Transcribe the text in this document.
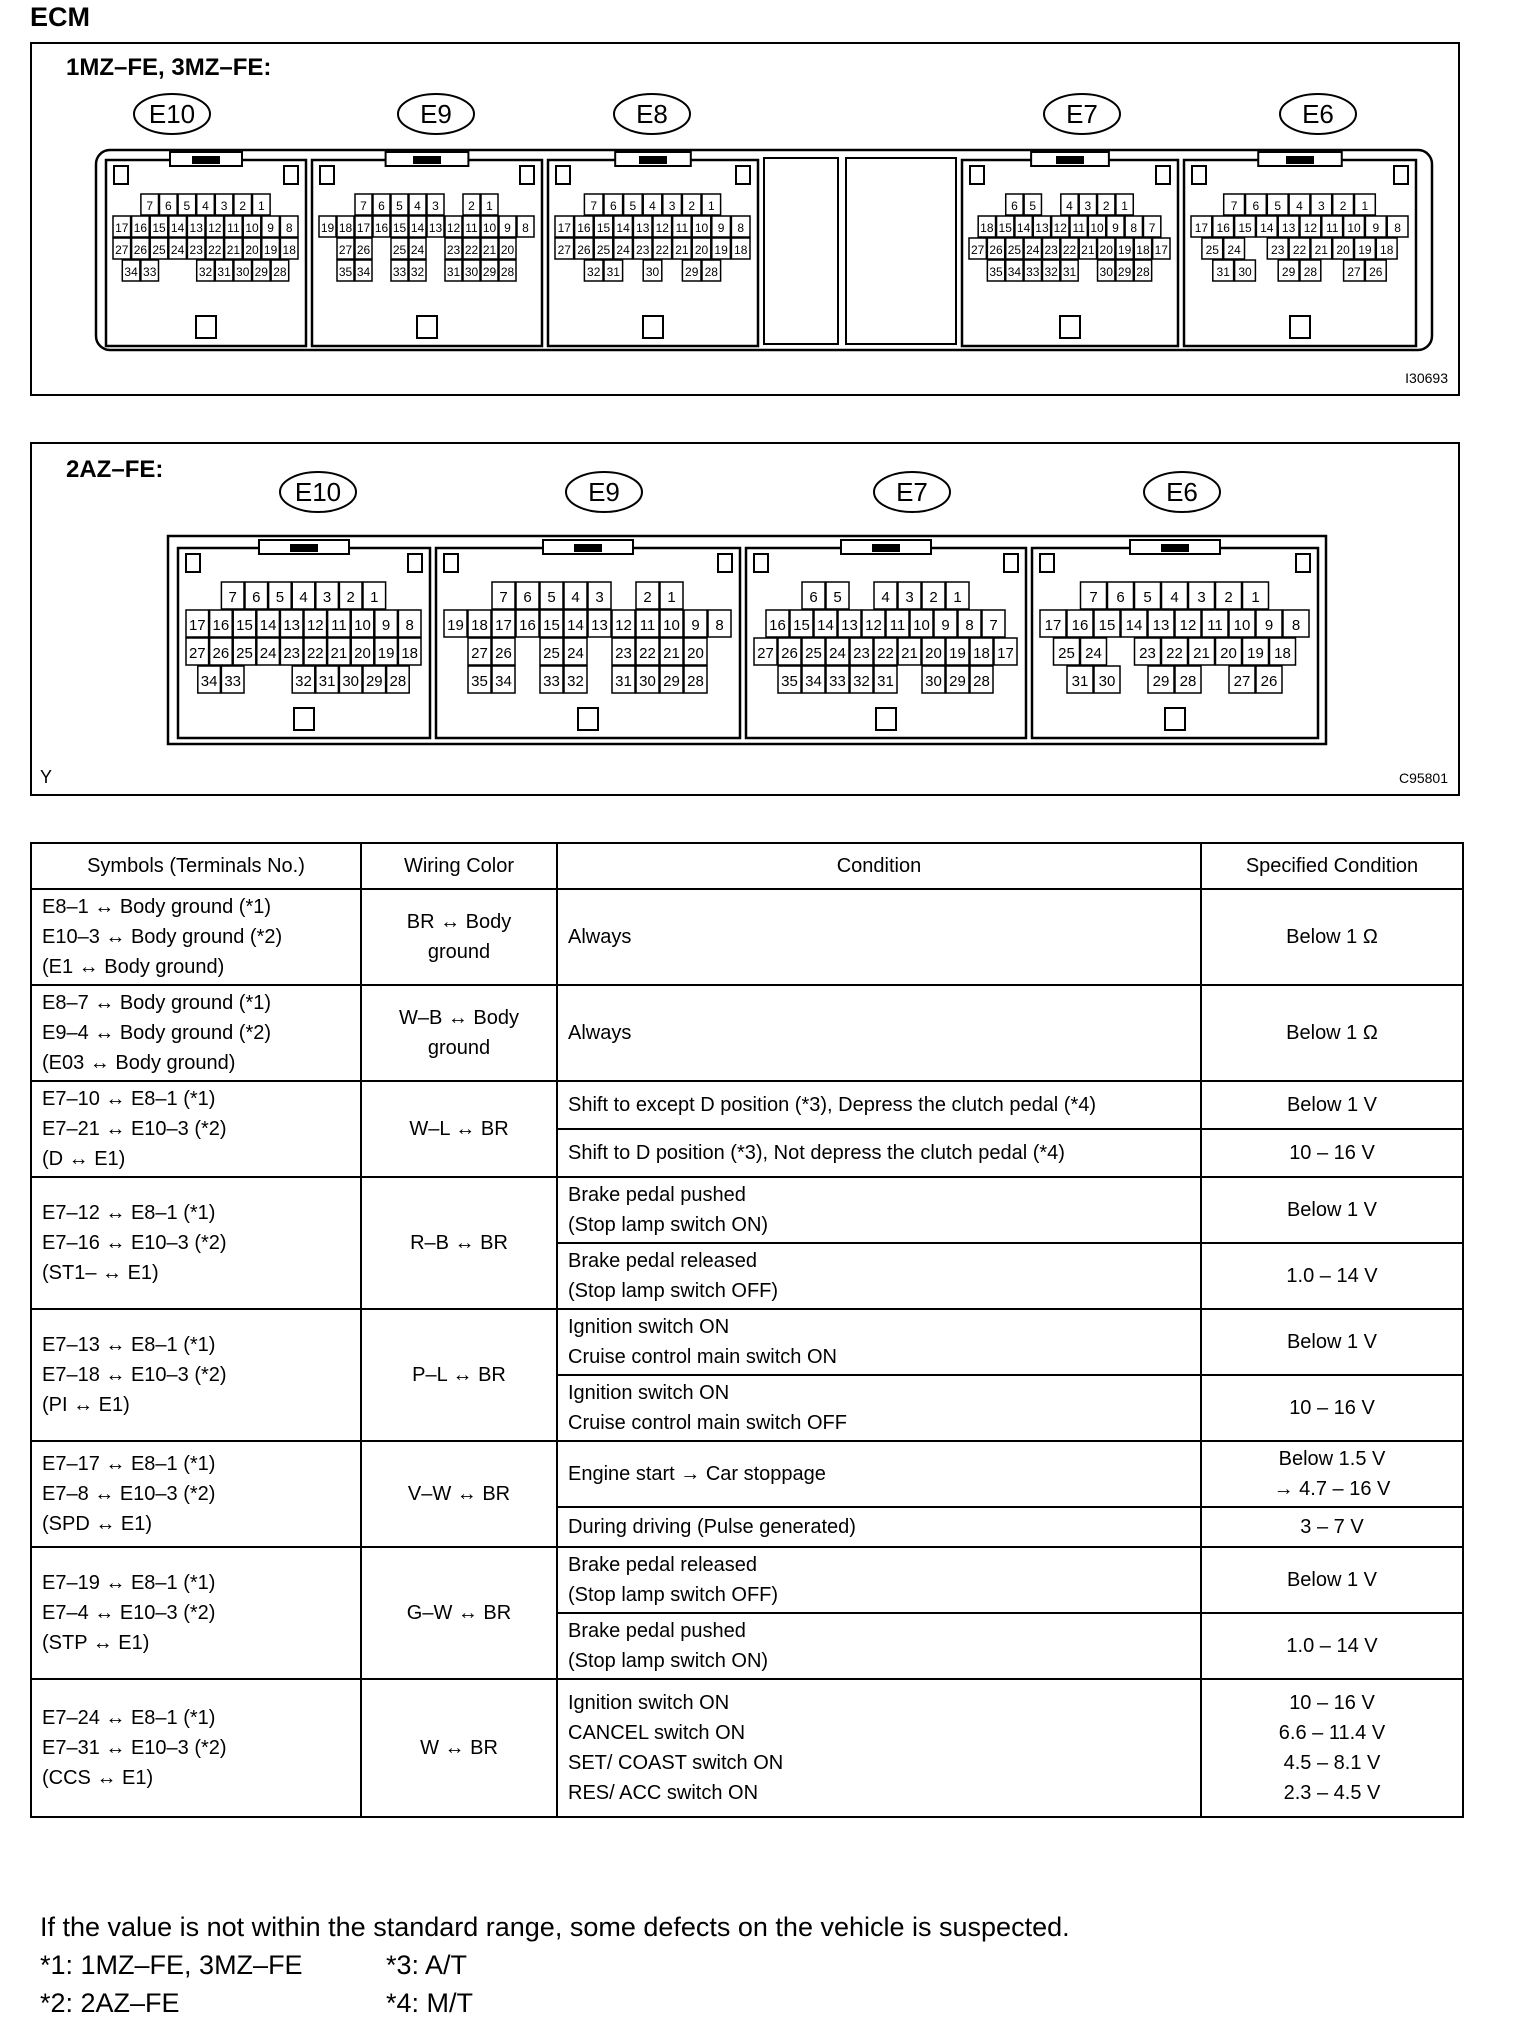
ECM
1MZ–FE, 3MZ–FE:
7 6 5 4 3 2 1
17 16 15 14 13 12 11 10 9 8
27 26 25 24 23 22 21 20 19 18
34 33	32 31 30 29 28
E10
7 6 5 4 3 2 1
19 18 17 16 15 14 13 12 11 10 9 8
27 26 25 24 23 22 21 20
35 34 33 32 31 30 29 28
E9
7 6 5 4 3 2 1
17 16 15 14 13 12 11 10 9 8
27 26 25 24 23 22 21 20 19 18
32 31 30 29 28
E8
6 5	4 3 2 1
18 15 14 13 12 11 10 9 8 7
27 26 25 24 23 22 21 20 19 18 17
35 34 33 32 31 30 29 28
E7
7 6 5 4 3 2 1
17 16 15 14 13 12 11 10 9 8
25 24	23 22 21 20 19 18
31 30	29 28	27 26
E6
I30693
2AZ–FE:
7 6 5 4 3 2 1
17 16 15 14 13 12 11 10 9 8
27 26 25 24 23 22 21 20 19 18
34 33	32 31 30 29 28
E10
7 6 5 4 3	2 1
19 18 17 16 15 14 13 12 11 10 9 8
27 26 25 24 23 22 21 20
35 34 33 32 31 30 29 28
E9
6 5	4 3 2 1
16 15 14 13 12 11 10 9 8 7
27 26 25 24 23 22 21 20 19 18 17
35 34 33 32 31 30 29 28
E7
7 6 5 4 3 2 1
17 16 15 14 13 12 11 10 9 8
25 24 23 22 21 20 19 18
31 30 29 28 27 26
E6
Y	C95801
Symbols (Terminals No.)	Wiring Color	Condition	Specified Condition

E8–1 ↔ Body ground (*1)
E10–3 ↔ Body ground (*2)
(E1 ↔ Body ground)	BR ↔ Body
ground	Always	Below 1 Ω

E8–7 ↔ Body ground (*1)
E9–4 ↔ Body ground (*2)
(E03 ↔ Body ground)	W–B ↔ Body
ground	Always	Below 1 Ω

E7–10 ↔ E8–1 (*1)
E7–21 ↔ E10–3 (*2)
(D ↔ E1)	W–L ↔ BR	Shift to except D position (*3), Depress the clutch pedal (*4)	Below 1 V

		Shift to D position (*3), Not depress the clutch pedal (*4)	10 – 16 V

E7–12 ↔ E8–1 (*1)
E7–16 ↔ E10–3 (*2)
(ST1– ↔ E1)	R–B ↔ BR	Brake pedal pushed
(Stop lamp switch ON)	Below 1 V

		Brake pedal released
(Stop lamp switch OFF)	1.0 – 14 V

E7–13 ↔ E8–1 (*1)
E7–18 ↔ E10–3 (*2)
(PI ↔ E1)	P–L ↔ BR	Ignition switch ON
Cruise control main switch ON	Below 1 V

		Ignition switch ON
Cruise control main switch OFF	10 – 16 V

E7–17 ↔ E8–1 (*1)
E7–8 ↔ E10–3 (*2)
(SPD ↔ E1)	V–W ↔ BR	Engine start → Car stoppage	Below 1.5 V
→ 4.7 – 16 V

		During driving (Pulse generated)	3 – 7 V

E7–19 ↔ E8–1 (*1)
E7–4 ↔ E10–3 (*2)
(STP ↔ E1)	G–W ↔ BR	Brake pedal released
(Stop lamp switch OFF)	Below 1 V

		Brake pedal pushed
(Stop lamp switch ON)	1.0 – 14 V

E7–24 ↔ E8–1 (*1)
E7–31 ↔ E10–3 (*2)
(CCS ↔ E1)	W ↔ BR	Ignition switch ON
CANCEL switch ON
SET/ COAST switch ON
RES/ ACC switch ON	10 – 16 V
6.6 – 11.4 V
4.5 – 8.1 V
2.3 – 4.5 V
If the value is not within the standard range, some defects on the vehicle is suspected.
*1: 1MZ–FE, 3MZ–FE	*3: A/T
*2: 2AZ–FE	*4: M/T
